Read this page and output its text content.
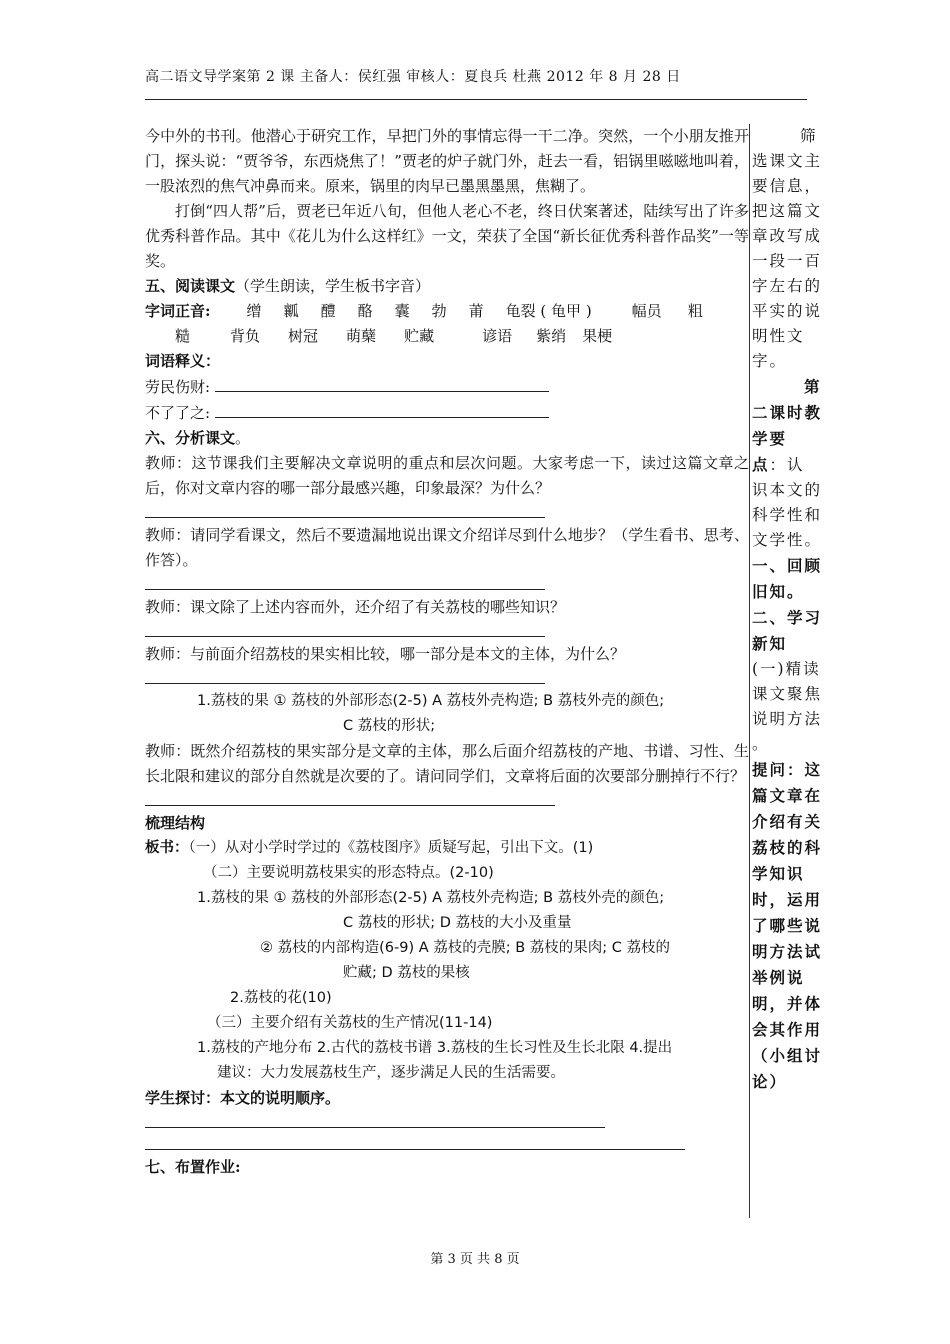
高二语文导学案第 2 课 主备人：侯红强 审核人：夏良兵 杜燕 2012 年 8 月 28 日

今中外的书刊。他潜心于研究工作，早把门外的事情忘得一干二净。突然，一个小朋友推开门，探头说：“贾爷爷，东西烧焦了！”贾老的炉子就门外，赶去一看，铝锅里嗞嗞地叫着，一股浓烈的焦气冲鼻而来。原来，锅里的肉早已墨黑墨黑，焦糊了。

打倒“四人帮”后，贾老已年近八旬，但他人老心不老，终日伏案著述，陆续写出了许多优秀科普作品。其中《花儿为什么这样红》一文，荣获了全国“新长征优秀科普作品奖”一等奖。

五、阅读课文（学生朗读，学生板书字音）

字词正音: 缯 瓤 醴 酪 囊 勃 莆 龟裂 ( 龟甲 )	幅员 粗

糙	背负 树冠 萌蘖 贮藏	谚语 紫绡 果梗

词语释义：

劳民伤财:

不了了之:

六、分析课文。

教师：这节课我们主要解决文章说明的重点和层次问题。大家考虑一下，读过这篇文章之后，你对文章内容的哪一部分最感兴趣，印象最深？为什么？

教师：请同学看课文，然后不要遗漏地说出课文介绍详尽到什么地步？（学生看书、思考、作答）。

教师：课文除了上述内容而外，还介绍了有关荔枝的哪些知识？

教师：与前面介绍荔枝的果实相比较，哪一部分是本文的主体，为什么？

1.荔枝的果 ① 荔枝的外部形态(2-5) A 荔枝外壳构造; B 荔枝外壳的颜色;

C 荔枝的形状;

教师：既然介绍荔枝的果实部分是文章的主体，那么后面介绍荔枝的产地、书谱、习性、生长北限和建议的部分自然就是次要的了。请问同学们，文章将后面的次要部分删掉行不行？

梳理结构

板书：（一）从对小学时学过的《荔枝图序》质疑写起，引出下文。(1)

（二）主要说明荔枝果实的形态特点。(2-10)

1.荔枝的果 ① 荔枝的外部形态(2-5) A 荔枝外壳构造; B 荔枝外壳的颜色;

C 荔枝的形状; D 荔枝的大小及重量

② 荔枝的内部构造(6-9) A 荔枝的壳膜; B 荔枝的果肉; C 荔枝的

贮藏; D 荔枝的果核

2.荔枝的花(10)

（三）主要介绍有关荔枝的生产情况(11-14)

1.荔枝的产地分布 2.古代的荔枝书谱 3.荔枝的生长习性及生长北限 4.提出

建议：大力发展荔枝生产，逐步满足人民的生活需要。

学生探讨：本文的说明顺序。

七、布置作业:

筛选课文主要信息，把这篇文章改写成一段一百字左右的平实的说明性文字。

第二课时教学要点：认识本文的科学性和文学性。

一、回顾旧知。

二、学习新知

(一)精读课文聚焦说明方法 。

提问：这篇文章在介绍有关荔枝的科学知识时，运用了哪些说明方法试举例说明，并体会其作用（小组讨论）

第 3 页 共 8 页
